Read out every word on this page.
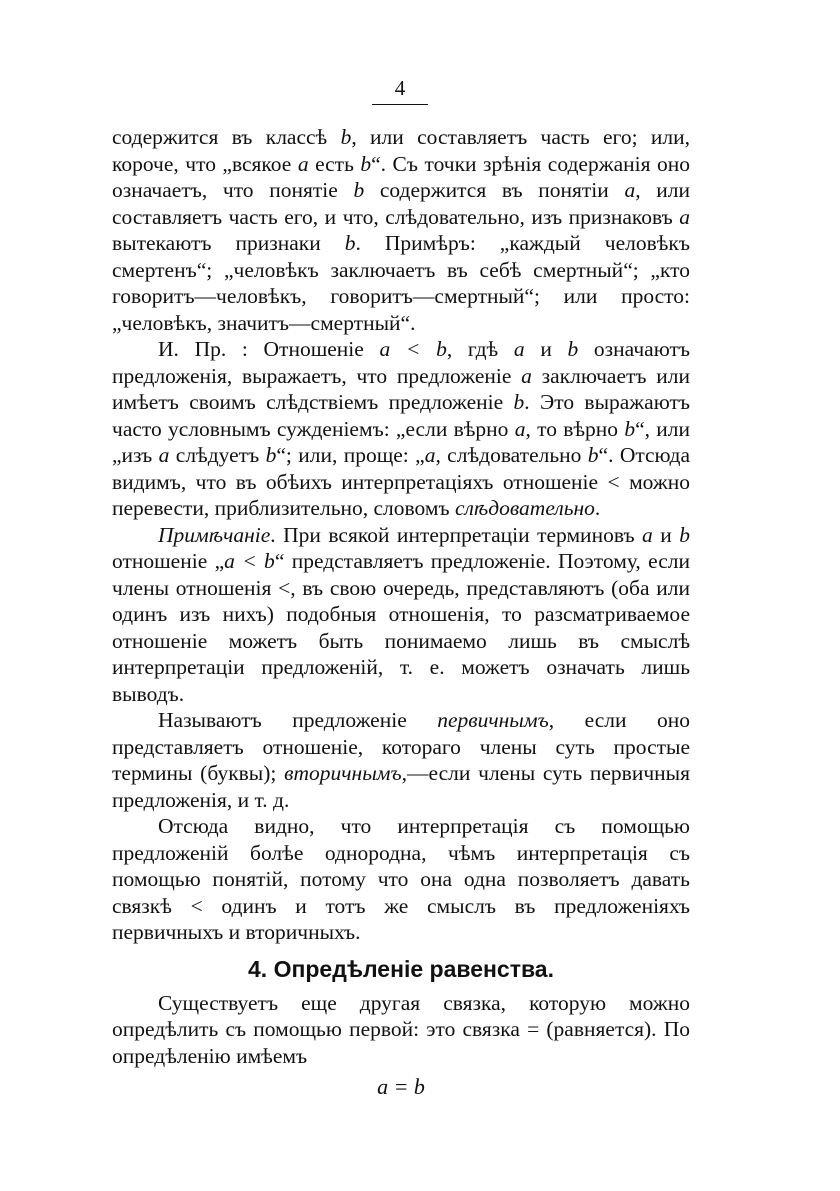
4

содержится въ классѣ b, или составляетъ часть его; или, короче, что „всякое a есть b“. Съ точки зрѣнія содержанія оно означаетъ, что понятіе b содержится въ понятіи a, или составляетъ часть его, и что, слѣдовательно, изъ признаковъ a вытекаютъ признаки b. Примѣръ: „каждый человѣкъ смертенъ“; „человѣкъ заключаетъ въ себѣ смертный“; „кто говоритъ—человѣкъ, говоритъ—смертный“; или просто: „человѣкъ, значитъ—смертный“.

И. Пр. : Отношеніе a < b, гдѣ a и b означаютъ предложенія, выражаетъ, что предложеніе a заключаетъ или имѣетъ своимъ слѣдствіемъ предложеніе b. Это выражаютъ часто условнымъ сужденіемъ: „если вѣрно a, то вѣрно b“, или „изъ a слѣдуетъ b“; или, проще: „a, слѣдовательно b“. Отсюда видимъ, что въ обѣихъ интерпретаціяхъ отношеніе < можно перевести, приблизительно, словомъ слѣдовательно.

Примѣчаніе. При всякой интерпретаціи терминовъ a и b отношеніе „a < b“ представляетъ предложеніе. Поэтому, если члены отношенія <, въ свою очередь, представляютъ (оба или одинъ изъ нихъ) подобныя отношенія, то разсматриваемое отношеніе можетъ быть понимаемо лишь въ смыслѣ интерпретаціи предложеній, т. е. можетъ означать лишь выводъ.

Называютъ предложеніе первичнымъ, если оно представляетъ отношеніе, котораго члены суть простые термины (буквы); вторичнымъ,—если члены суть первичныя предложенія, и т. д.

Отсюда видно, что интерпретація съ помощью предложеній болѣе однородна, чѣмъ интерпретація съ помощью понятій, потому что она одна позволяетъ давать связкѣ < одинъ и тотъ же смыслъ въ предложеніяхъ первичныхъ и вторичныхъ.

4. Опредѣленіе равенства.

Существуетъ еще другая связка, которую можно опредѣлить съ помощью первой: это связка = (равняется). По опредѣленію имѣемъ

a = b
